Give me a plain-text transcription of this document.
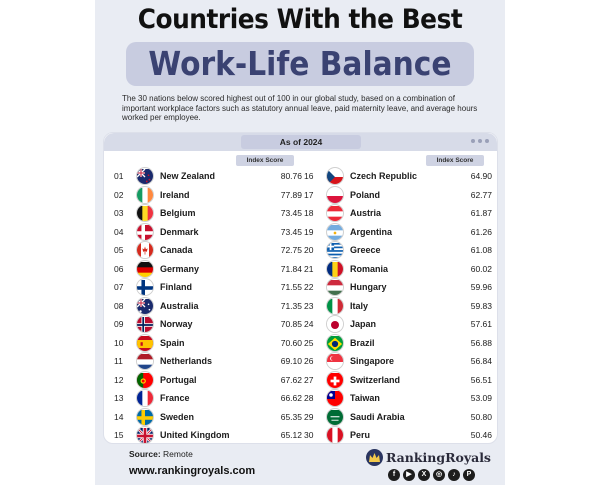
Countries With the Best
Work-Life Balance
The 30 nations below scored highest out of 100 in our global study, based on a combination of important workplace factors such as statutory annual leave, paid maternity leave, and average hours worked per employee.
As of 2024
Index Score	Index Score
01	New Zealand	80.76
02	Ireland	77.89
03	Belgium	73.45
04	Denmark	73.45
05	Canada	72.75
06	Germany	71.84
07	Finland	71.55
08	Australia	71.35
09	Norway	70.85
10	Spain	70.60
11	Netherlands	69.10
12	Portugal	67.62
13	France	66.62
14	Sweden	65.35
15	United Kingdom	65.12
16	Czech Republic	64.90
17	Poland	62.77
18	Austria	61.87
19	Argentina	61.26
20	Greece	61.08
21	Romania	60.02
22	Hungary	59.96
23	Italy	59.83
24	Japan	57.61
25	Brazil	56.88
26	Singapore	56.84
27	Switzerland	56.51
28	Taiwan	53.09
29	Saudi Arabia	50.80
30	Peru	50.46
Source: Remote
www.rankingroyals.com
RankingRoyals
f	▶	X	◎	♪	P
